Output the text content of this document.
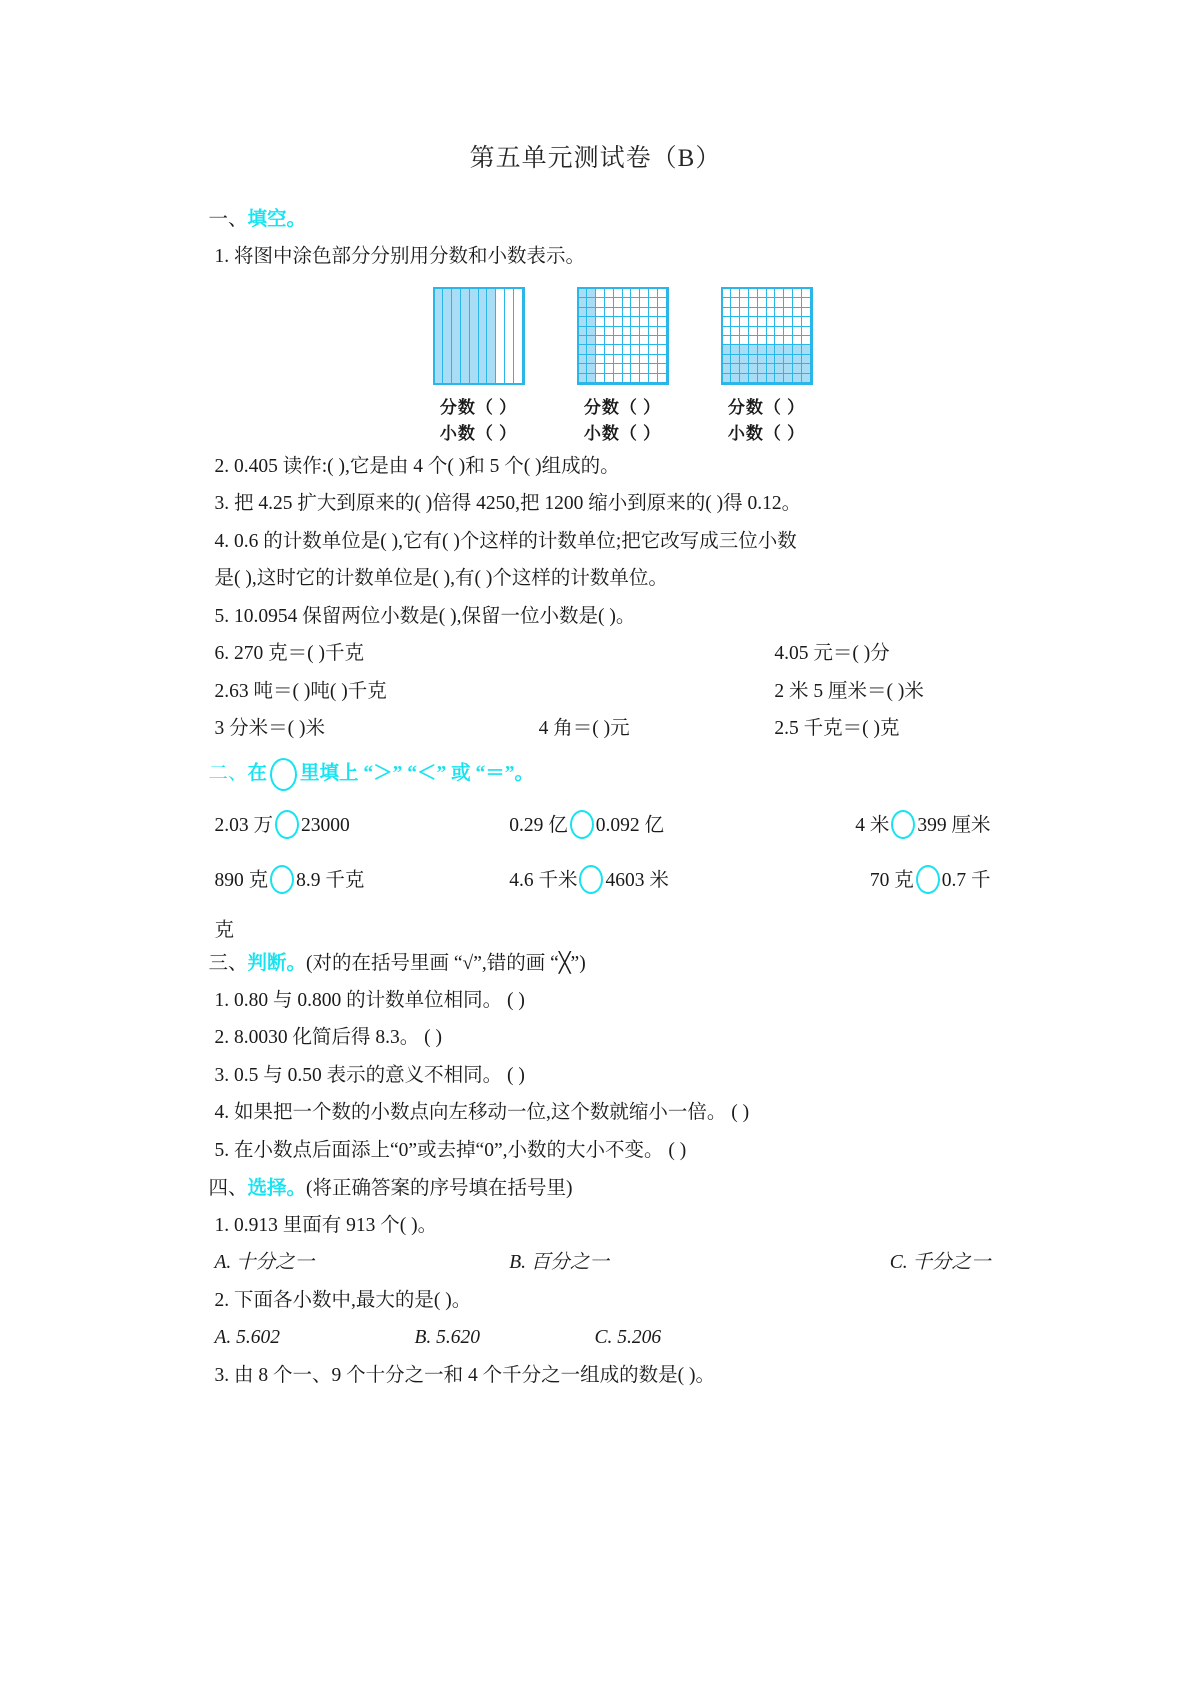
第五单元测试卷（B）
一、填空。
1. 将图中涂色部分分别用分数和小数表示。
分数（ ）
小数（ ）
分数（ ）
小数（ ）
分数（ ）
小数（ ）
2. 0.405 读作:( ),它是由 4 个( )和 5 个( )组成的。
3. 把 4.25 扩大到原来的( )倍得 4250,把 1200 缩小到原来的( )得 0.12。
4. 0.6 的计数单位是( ),它有( )个这样的计数单位;把它改写成三位小数
是( ),这时它的计数单位是( ),有( )个这样的计数单位。
5. 10.0954 保留两位小数是( ),保留一位小数是( )。
6. 270 克＝( )千克	4.05 元＝( )分
2.63 吨＝( )吨( )千克	2 米 5 厘米＝( )米
3 分米＝( )米	4 角＝( )元	2.5 千克＝( )克
二、在 里填上 “＞” “＜” 或 “＝”。
2.03 万 23000	0.29 亿 0.092 亿	4 米 399 厘米
890 克 8.9 千克	4.6 千米 4603 米	70 克 0.7 千
克
三、判断。(对的在括号里画 “√”,错的画 “╳”)
1. 0.80 与 0.800 的计数单位相同。 ( )
2. 8.0030 化简后得 8.3。 ( )
3. 0.5 与 0.50 表示的意义不相同。 ( )
4. 如果把一个数的小数点向左移动一位,这个数就缩小一倍。 ( )
5. 在小数点后面添上“0”或去掉“0”,小数的大小不变。 ( )
四、选择。(将正确答案的序号填在括号里)
1. 0.913 里面有 913 个( )。
A. 十分之一	B. 百分之一	C. 千分之一
2. 下面各小数中,最大的是( )。
A. 5.602	B. 5.620	C. 5.206
3. 由 8 个一、9 个十分之一和 4 个千分之一组成的数是( )。
